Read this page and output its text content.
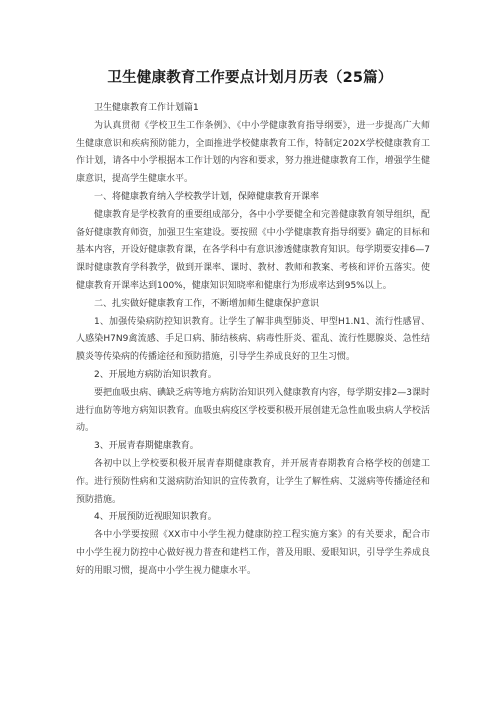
卫生健康教育工作要点计划月历表（25篇）

卫生健康教育工作计划篇1

为认真贯彻《学校卫生工作条例》、《中小学健康教育指导纲要》，进一步提高广大师生健康意识和疾病预防能力，全面推进学校健康教育工作，特制定202X学校健康教育工作计划，请各中小学根据本工作计划的内容和要求，努力推进健康教育工作，增强学生健康意识，提高学生健康水平。

一、将健康教育纳入学校教学计划，保障健康教育开课率

健康教育是学校教育的重要组成部分，各中小学要健全和完善健康教育领导组织，配备好健康教育师资，加强卫生室建设。要按照《中小学健康教育指导纲要》确定的目标和基本内容，开设好健康教育课，在各学科中有意识渗透健康教育知识。每学期要安排6—7课时健康教育学科教学，做到开课率、课时、教材、教师和教案、考核和评价五落实。使健康教育开课率达到100%，健康知识知晓率和健康行为形成率达到95%以上。

二、扎实做好健康教育工作，不断增加师生健康保护意识

1、加强传染病防控知识教育。让学生了解非典型肺炎、甲型H1.N1、流行性感冒、人感染H7N9禽流感、手足口病、肺结核病、病毒性肝炎、霍乱、流行性腮腺炎、急性结膜炎等传染病的传播途径和预防措施，引导学生养成良好的卫生习惯。

2、开展地方病防治知识教育。

要把血吸虫病、碘缺乏病等地方病防治知识列入健康教育内容，每学期安排2—3课时进行血防等地方病知识教育。血吸虫病疫区学校要积极开展创建无急性血吸虫病人学校活动。

3、开展青春期健康教育。

各初中以上学校要积极开展青春期健康教育，并开展青春期教育合格学校的创建工作。进行预防性病和艾滋病防治知识的宣传教育，让学生了解性病、艾滋病等传播途径和预防措施。

4、开展预防近视眼知识教育。

各中小学要按照《XX市中小学生视力健康防控工程实施方案》的有关要求，配合市中小学生视力防控中心做好视力普查和建档工作，普及用眼、爱眼知识，引导学生养成良好的用眼习惯，提高中小学生视力健康水平。
